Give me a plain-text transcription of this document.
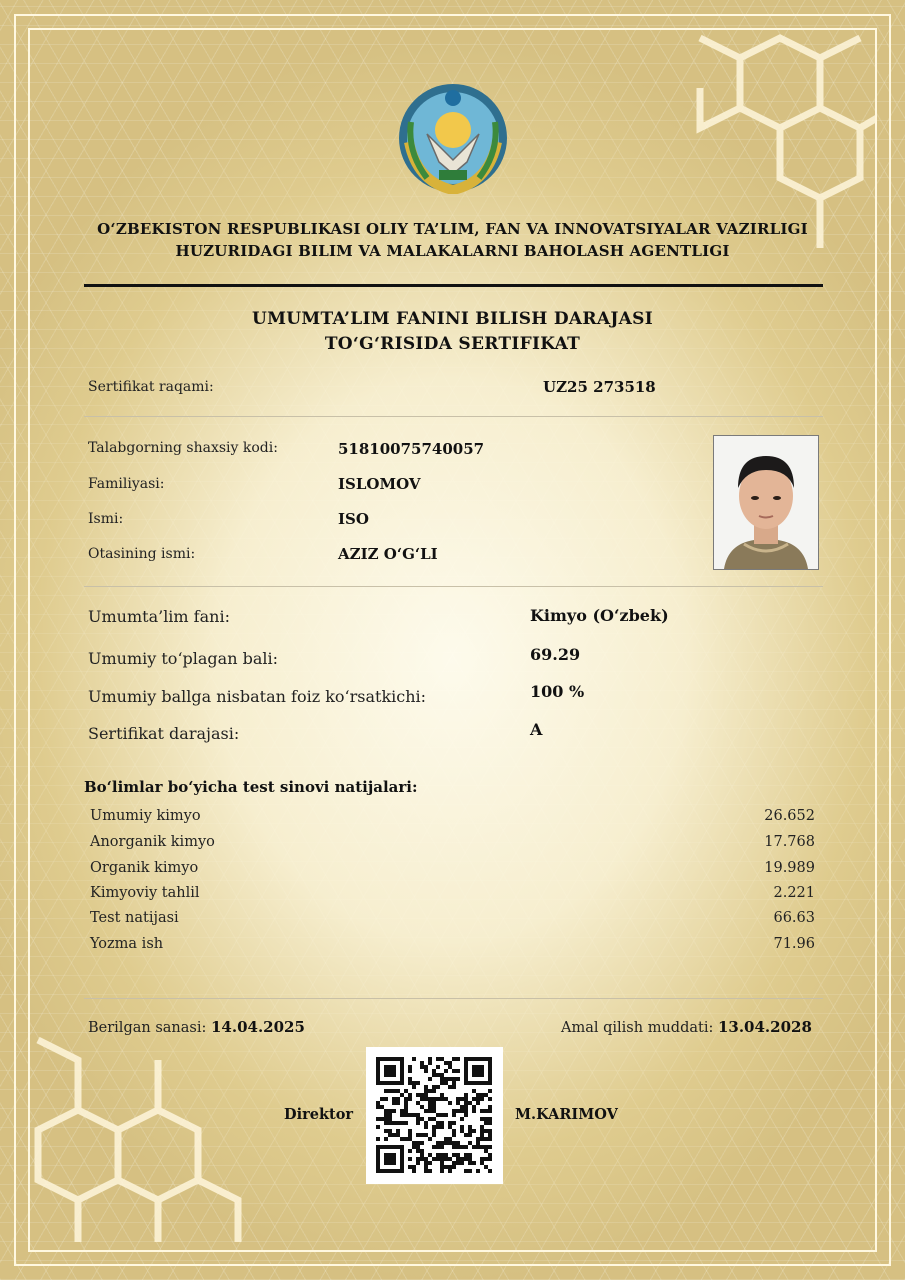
O‘ZBEKISTON RESPUBLIKASI OLIY TA’LIM, FAN VA INNOVATSIYALAR VAZIRLIGI
HUZURIDAGI BILIM VA MALAKALARNI BAHOLASH AGENTLIGI
UMUMTA’LIM FANINI BILISH DARAJASI
TO‘G‘RISIDA SERTIFIKAT
Sertifikat raqami:	UZ25 273518
Talabgorning shaxsiy kodi:	51810075740057
Familiyasi:	ISLOMOV
Ismi:	ISO
Otasining ismi:	AZIZ O‘G‘LI
Umumta’lim fani:	Kimyo (O‘zbek)
Umumiy to‘plagan bali:	69.29
Umumiy ballga nisbatan foiz ko‘rsatkichi:	100 %
Sertifikat darajasi:	A
Bo‘limlar bo‘yicha test sinovi natijalari:
Umumiy kimyo	26.652
Anorganik kimyo	17.768
Organik kimyo	19.989
Kimyoviy tahlil	2.221
Test natijasi	66.63
Yozma ish	71.96
Berilgan sanasi: 14.04.2025	Amal qilish muddati: 13.04.2028
Direktor	M.KARIMOV
